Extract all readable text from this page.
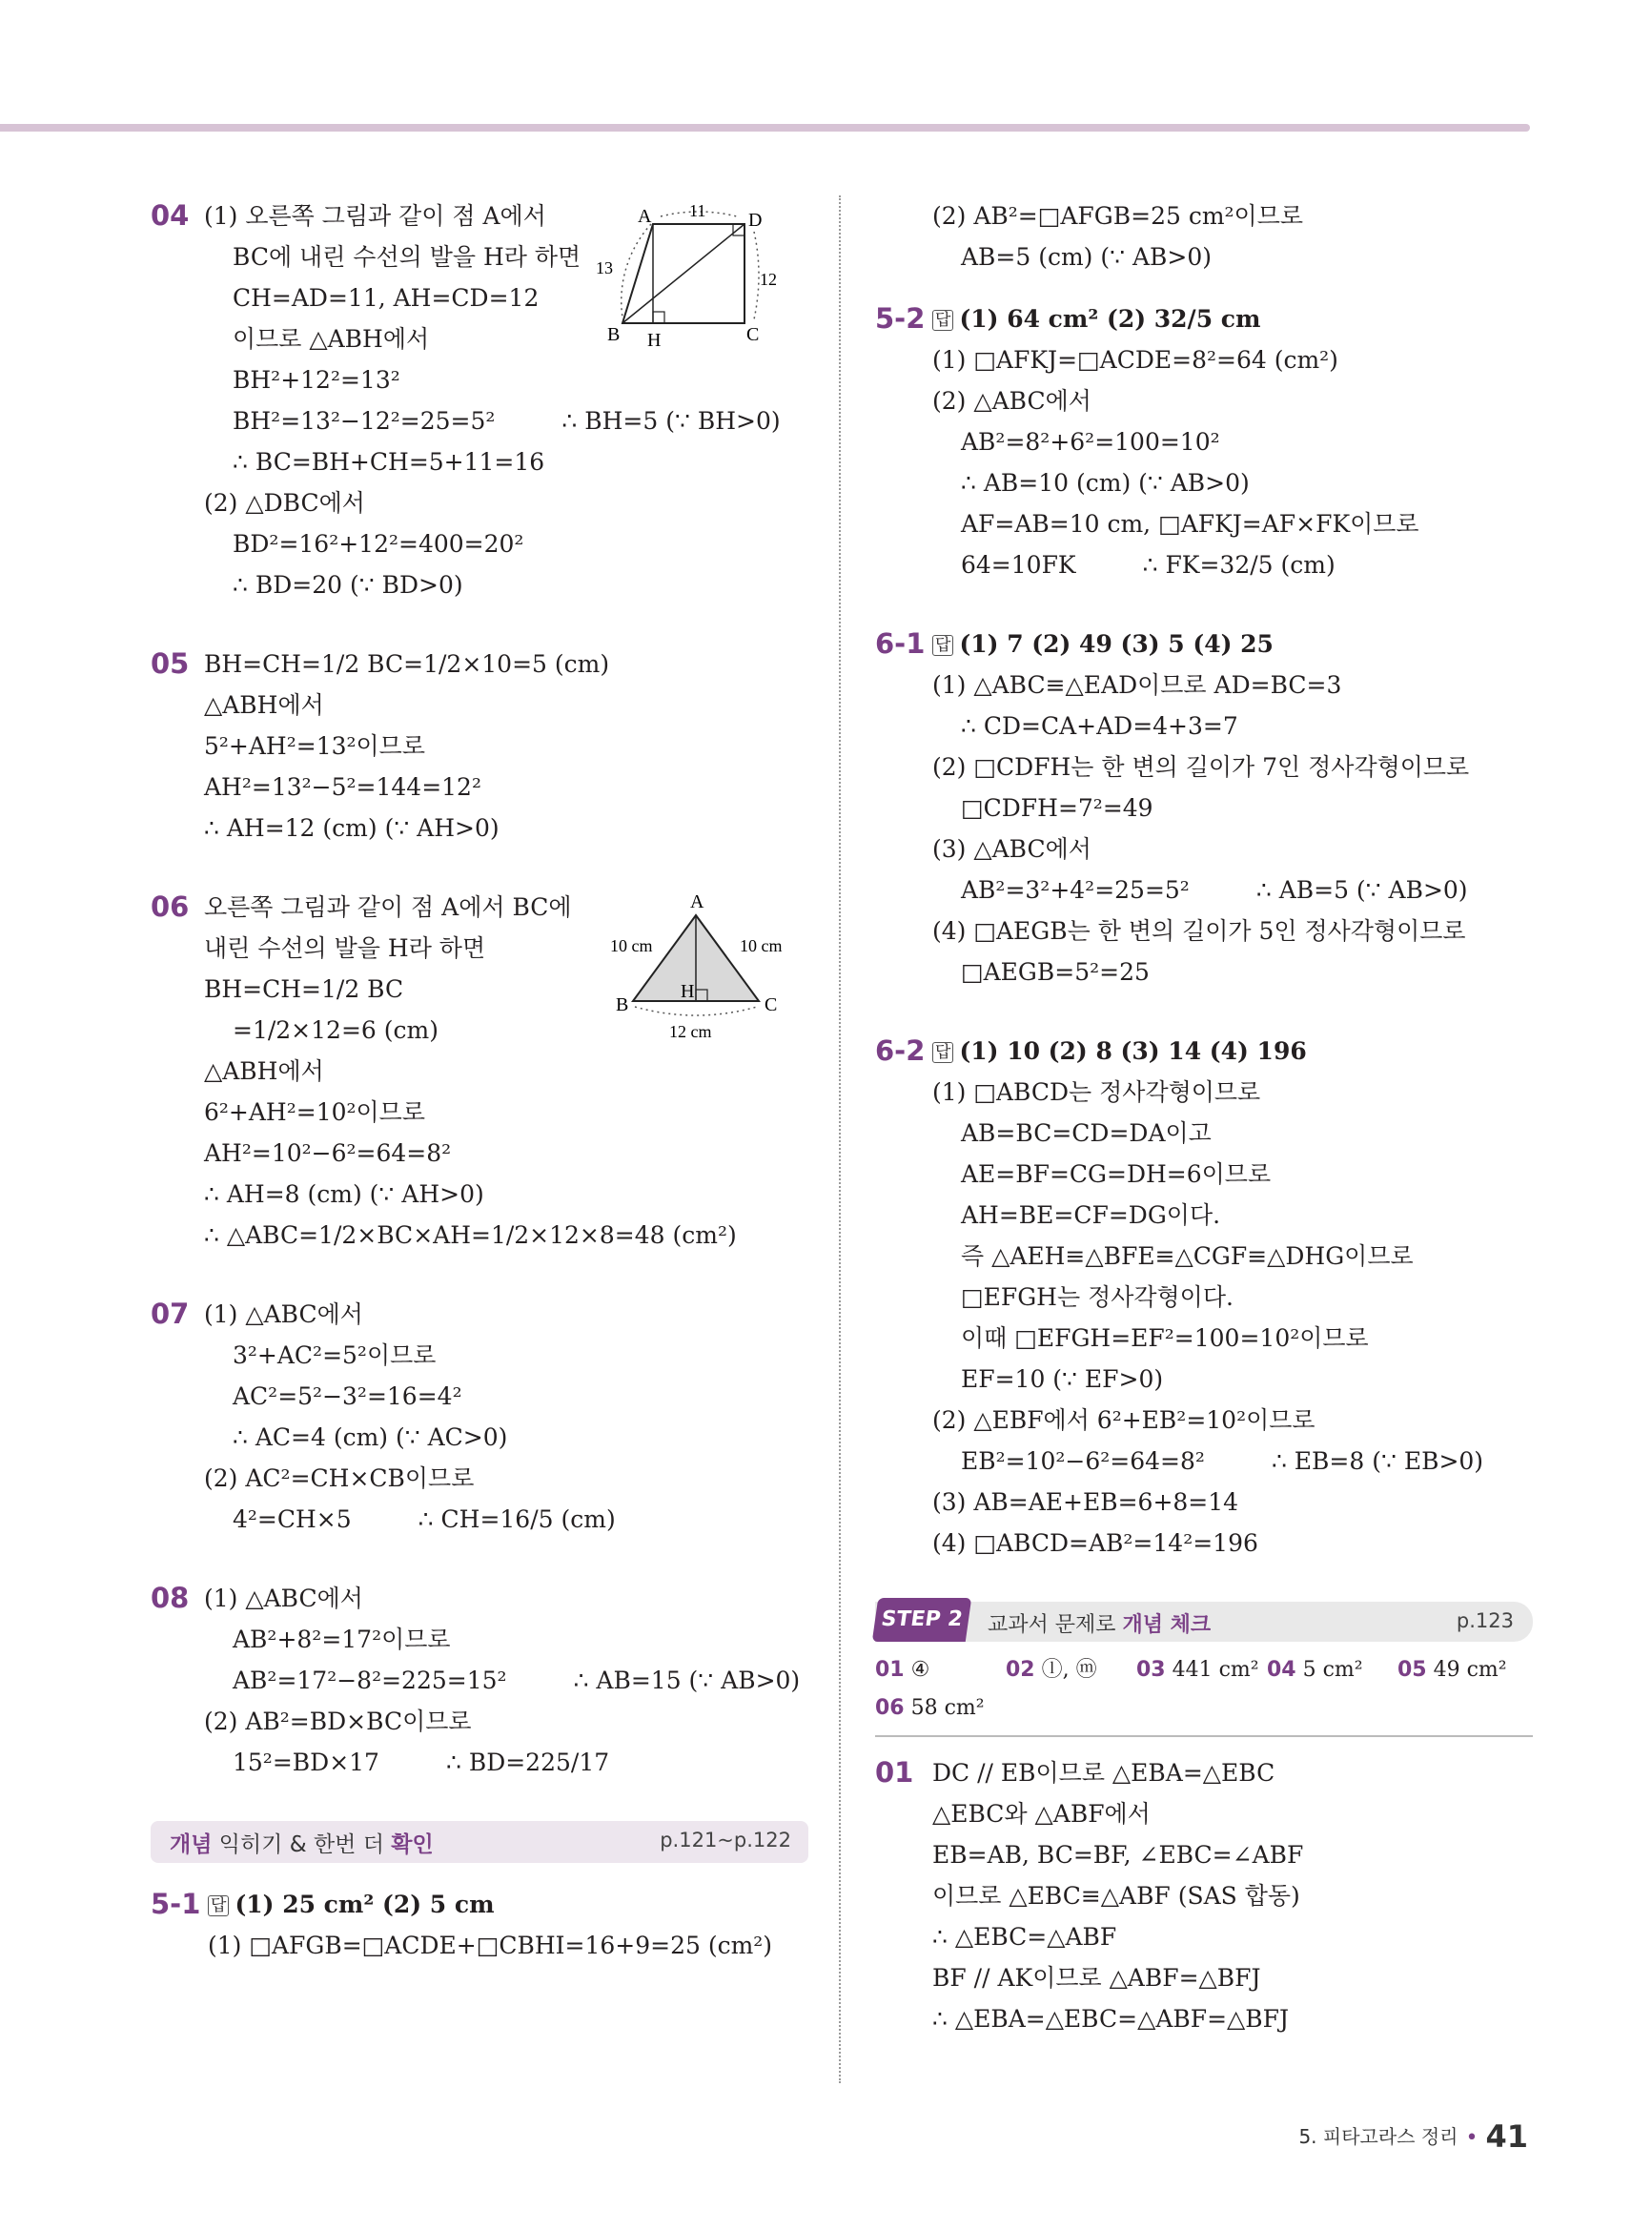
04 (1) 오른쪽 그림과 같이 점 A에서
BC에 내린 수선의 발을 H라 하면
CH=AD=11, AH=CD=12
이므로 △ABH에서
BH²+12²=13²
BH²=13²−12²=25=5²	∴ BH=5 (∵ BH>0)
∴ BC=BH+CH=5+11=16
(2) △DBC에서
BD²=16²+12²=400=20²
∴ BD=20 (∵ BD>0)
A	D
B H	C
11
13
12
05 BH=CH=1/2 BC=1/2×10=5 (cm)
△ABH에서
5²+AH²=13²이므로
AH²=13²−5²=144=12²
∴ AH=12 (cm) (∵ AH>0)
06 오른쪽 그림과 같이 점 A에서 BC에
내린 수선의 발을 H라 하면
BH=CH=1/2 BC
=1/2×12=6 (cm)
△ABH에서
6²+AH²=10²이므로
AH²=10²−6²=64=8²
∴ AH=8 (cm) (∵ AH>0)
∴ △ABC=1/2×BC×AH=1/2×12×8=48 (cm²)
A
B
H
C
10 cm	10 cm
12 cm
07 (1) △ABC에서
3²+AC²=5²이므로
AC²=5²−3²=16=4²
∴ AC=4 (cm) (∵ AC>0)
(2) AC²=CH×CB이므로
4²=CH×5	∴ CH=16/5 (cm)
08 (1) △ABC에서
AB²+8²=17²이므로
AB²=17²−8²=225=15²	∴ AB=15 (∵ AB>0)
(2) AB²=BD×BC이므로
15²=BD×17	∴ BD=225/17
개념 익히기 & 한번 더 확인	p.121~p.122
5-1 답 (1) 25 cm² (2) 5 cm
(1) □AFGB=□ACDE+□CBHI=16+9=25 (cm²)
(2) AB²=□AFGB=25 cm²이므로
AB=5 (cm) (∵ AB>0)
5-2 답 (1) 64 cm² (2) 32/5 cm
(1) □AFKJ=□ACDE=8²=64 (cm²)
(2) △ABC에서
AB²=8²+6²=100=10²
∴ AB=10 (cm) (∵ AB>0)
AF=AB=10 cm, □AFKJ=AF×FK이므로
64=10FK	∴ FK=32/5 (cm)
6-1 답 (1) 7 (2) 49 (3) 5 (4) 25
(1) △ABC≡△EAD이므로 AD=BC=3
∴ CD=CA+AD=4+3=7
(2) □CDFH는 한 변의 길이가 7인 정사각형이므로
□CDFH=7²=49
(3) △ABC에서
AB²=3²+4²=25=5²	∴ AB=5 (∵ AB>0)
(4) □AEGB는 한 변의 길이가 5인 정사각형이므로
□AEGB=5²=25
6-2 답 (1) 10 (2) 8 (3) 14 (4) 196
(1) □ABCD는 정사각형이므로
AB=BC=CD=DA이고
AE=BF=CG=DH=6이므로
AH=BE=CF=DG이다.
즉 △AEH≡△BFE≡△CGF≡△DHG이므로
□EFGH는 정사각형이다.
이때 □EFGH=EF²=100=10²이므로
EF=10 (∵ EF>0)
(2) △EBF에서 6²+EB²=10²이므로
EB²=10²−6²=64=8²	∴ EB=8 (∵ EB>0)
(3) AB=AE+EB=6+8=14
(4) □ABCD=AB²=14²=196
STEP 2	교과서 문제로 개념 체크	p.123
01 ④	02 ⓛ, ⓜ 03 441 cm² 04 5 cm² 05 49 cm²
06 58 cm²
01 DC // EB이므로 △EBA=△EBC
△EBC와 △ABF에서
EB=AB, BC=BF, ∠EBC=∠ABF
이므로 △EBC≡△ABF (SAS 합동)
∴ △EBC=△ABF
BF // AK이므로 △ABF=△BFJ
∴ △EBA=△EBC=△ABF=△BFJ
5. 피타고라스 정리 • 41
